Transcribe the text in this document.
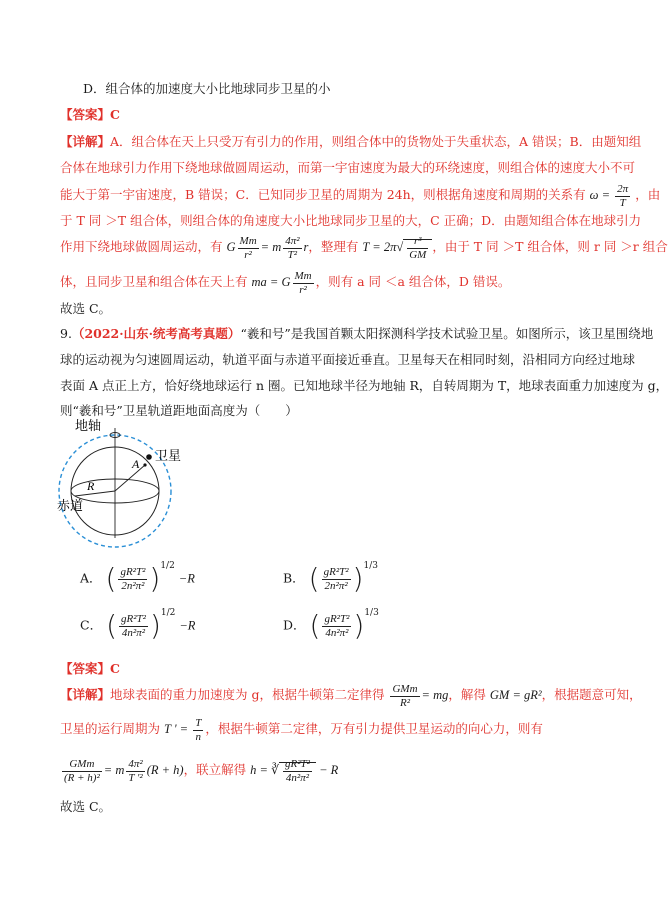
D．组合体的加速度大小比地球同步卫星的小
【答案】C
【详解】A．组合体在天上只受万有引力的作用，则组合体中的货物处于失重状态，A 错误；B．由题知组
合体在地球引力作用下绕地球做圆周运动，而第一宇宙速度为最大的环绕速度，则组合体的速度大小不可
能大于第一宇宙速度，B 错误；C．已知同步卫星的周期为 24h，则根据角速度和周期的关系有 $\omega = \frac{2\pi}{T}$ ，由
于 T 同 ＞T 组合体，则组合体的角速度大小比地球同步卫星的大，C 正确；D．由题知组合体在地球引力
作用下绕地球做圆周运动，有 G $\frac{Mm}{\text{r²}} = m \frac{\text{4π²}}{\text{T²}}$ r，整理有 $T = 2\pi√ \frac{\text{r³}}{GM}$ ，由于 T 同 ＞T 组合体，则 r 同 ＞r 组合
体，且同步卫星和组合体在天上有 ma = G $\frac{Mm}{\text{r²}}$ ，则有 a 同 ＜a 组合体，D 错误。
故选 C。
9.（2022·山东·统考高考真题）“羲和号”是我国首颗太阳探测科学技术试验卫星。如图所示，该卫星围绕地
球的运动视为匀速圆周运动，轨道平面与赤道平面接近垂直。卫星每天在相同时刻，沿相同方向经过地球
表面 A 点正上方，恰好绕地球运行 n 圈。已知地球半径为地轴 R，自转周期为 T，地球表面重力加速度为 g，
则“羲和号”卫星轨道距地面高度为（　　）
地轴
卫星
A
R
赤道
A． ( $\frac{\text{gR²T²}}{\text{2n²π²}} )^{1/2} -R$	B． ( $\frac{\text{gR²T²}}{\text{2n²π²}} )^{1/3}$
C． ( $\frac{\text{gR²T²}}{\text{4n²π²}} )^{1/2} -R$	D． ( $\frac{\text{gR²T²}}{\text{4n²π²}} )^{1/3}$
【答案】C
【详解】地球表面的重力加速度为 g，根据牛顿第二定律得 $\frac{\text{GMm}}{\text{R²}}$ = mg，解得 GM = gR²，根据题意可知，
卫星的运行周期为 T ' = $\frac{T}{n}$ ，根据牛顿第二定律，万有引力提供卫星运动的向心力，则有
$\frac{\text{GMm}}{\text{(R + h)²}} = m \frac{\text{4π²}}{\text{T '²}} (R + h)$，联立解得 h = ∛ $\frac{\text{gR²T²}}{\text{4n²π²}} - R$
故选 C。
